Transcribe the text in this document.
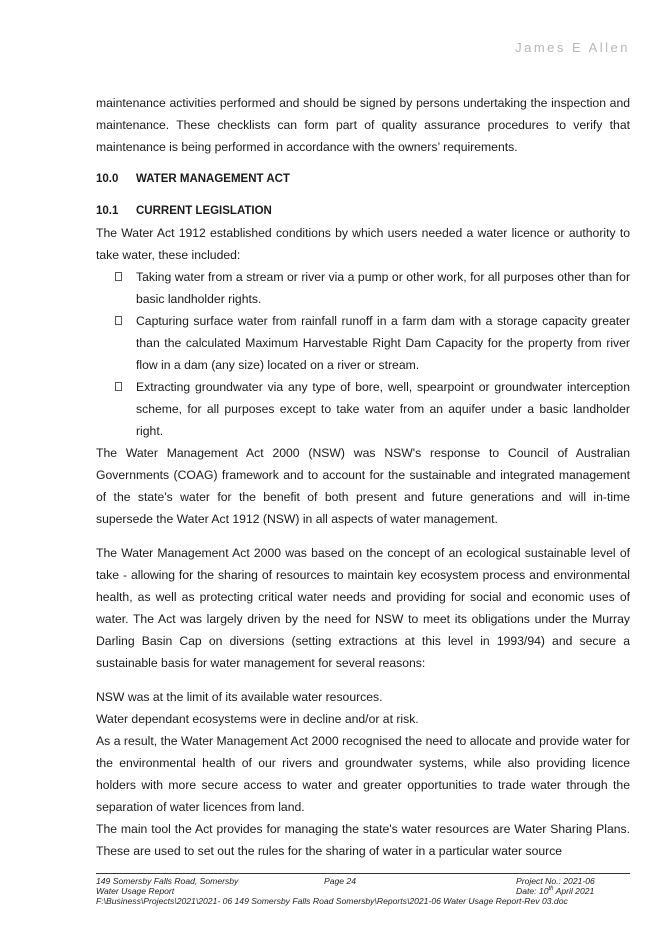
James E Allen

maintenance activities performed and should be signed by persons undertaking the inspection and maintenance. These checklists can form part of quality assurance procedures to verify that maintenance is being performed in accordance with the owners’ requirements.

10.0 WATER MANAGEMENT ACT
10.1 CURRENT LEGISLATION

The Water Act 1912 established conditions by which users needed a water licence or authority to take water, these included:

Taking water from a stream or river via a pump or other work, for all purposes other than for basic landholder rights.
Capturing surface water from rainfall runoff in a farm dam with a storage capacity greater than the calculated Maximum Harvestable Right Dam Capacity for the property from river flow in a dam (any size) located on a river or stream.
Extracting groundwater via any type of bore, well, spearpoint or groundwater interception scheme, for all purposes except to take water from an aquifer under a basic landholder right.

The Water Management Act 2000 (NSW) was NSW's response to Council of Australian Governments (COAG) framework and to account for the sustainable and integrated management of the state's water for the benefit of both present and future generations and will in-time supersede the Water Act 1912 (NSW) in all aspects of water management.

The Water Management Act 2000 was based on the concept of an ecological sustainable level of take - allowing for the sharing of resources to maintain key ecosystem process and environmental health, as well as protecting critical water needs and providing for social and economic uses of water. The Act was largely driven by the need for NSW to meet its obligations under the Murray Darling Basin Cap on diversions (setting extractions at this level in 1993/94) and secure a sustainable basis for water management for several reasons:

NSW was at the limit of its available water resources.

Water dependant ecosystems were in decline and/or at risk.

As a result, the Water Management Act 2000 recognised the need to allocate and provide water for the environmental health of our rivers and groundwater systems, while also providing licence holders with more secure access to water and greater opportunities to trade water through the separation of water licences from land.

The main tool the Act provides for managing the state's water resources are Water Sharing Plans. These are used to set out the rules for the sharing of water in a particular water source

149 Somersby Falls Road, Somersby	Page 24	Project No.: 2021-06
Water Usage Report	Date: 10th April 2021
F:\Business\Projects\2021\2021- 06 149 Somersby Falls Road Somersby\Reports\2021-06 Water Usage Report-Rev 03.doc
